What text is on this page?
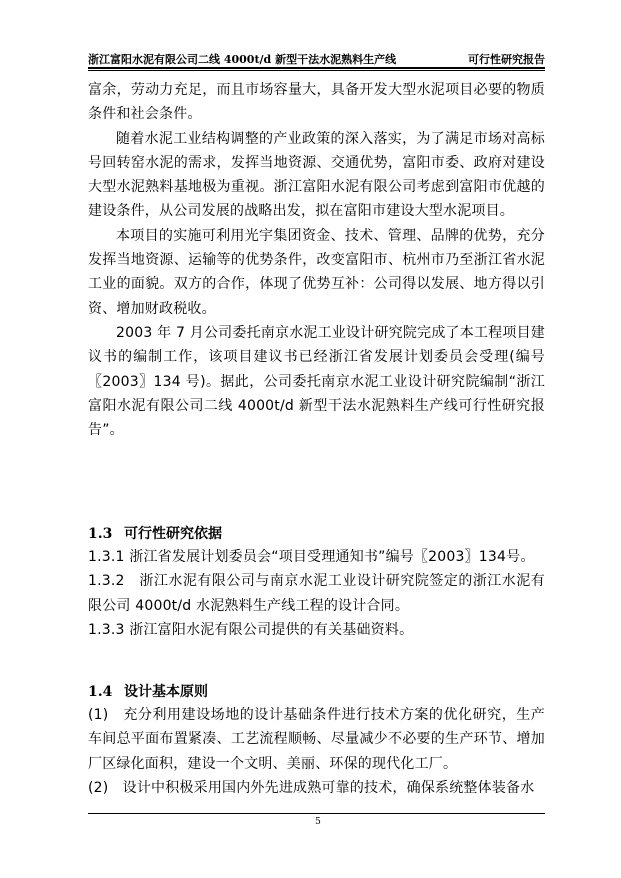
浙江富阳水泥有限公司二线 4000t/d 新型干法水泥熟料生产线	可行性研究报告

富余，劳动力充足，而且市场容量大，具备开发大型水泥项目必要的物质条件和社会条件。

随着水泥工业结构调整的产业政策的深入落实，为了满足市场对高标号回转窑水泥的需求，发挥当地资源、交通优势，富阳市委、政府对建设大型水泥熟料基地极为重视。浙江富阳水泥有限公司考虑到富阳市优越的建设条件，从公司发展的战略出发，拟在富阳市建设大型水泥项目。

本项目的实施可利用光宇集团资金、技术、管理、品牌的优势，充分发挥当地资源、运输等的优势条件，改变富阳市、杭州市乃至浙江省水泥工业的面貌。双方的合作，体现了优势互补：公司得以发展、地方得以引资、增加财政税收。

2003 年 7 月公司委托南京水泥工业设计研究院完成了本工程项目建议书的编制工作，该项目建议书已经浙江省发展计划委员会受理(编号〖2003〗134 号)。据此，公司委托南京水泥工业设计研究院编制“浙江富阳水泥有限公司二线 4000t/d 新型干法水泥熟料生产线可行性研究报告”。

1.3 可行性研究依据

1.3.1 浙江省发展计划委员会“项目受理通知书”编号〖2003〗134号。

1.3.2　浙江水泥有限公司与南京水泥工业设计研究院签定的浙江水泥有限公司 4000t/d 水泥熟料生产线工程的设计合同。

1.3.3 浙江富阳水泥有限公司提供的有关基础资料。

1.4 设计基本原则

(1)　充分利用建设场地的设计基础条件进行技术方案的优化研究，生产车间总平面布置紧凑、工艺流程顺畅、尽量减少不必要的生产环节、增加厂区绿化面积，建设一个文明、美丽、环保的现代化工厂。

(2)　设计中积极采用国内外先进成熟可靠的技术，确保系统整体装备水

5
